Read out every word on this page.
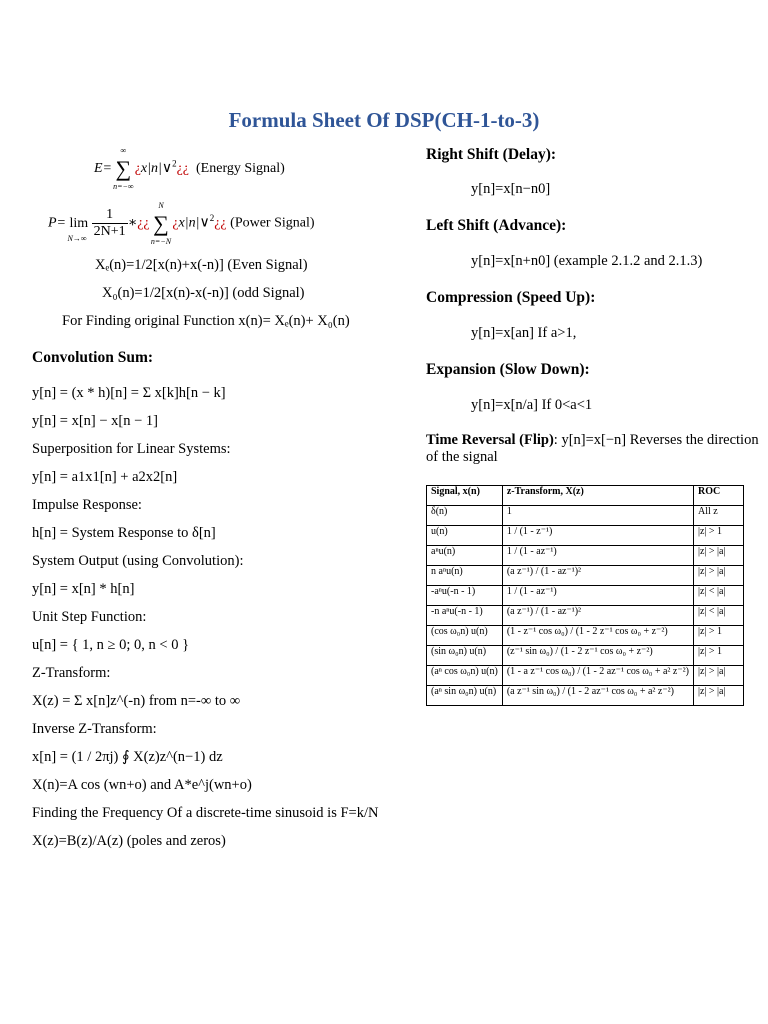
Formula Sheet Of DSP(CH-1-to-3)
E= ∑
∞
n=−∞
¿x|n|∨$^2$¿¿ (Energy Signal)
P= lim
N→∞
$\frac{1}{2N+1}$ ∗¿¿ ∑
N
n=−N
¿x|n|∨$^2$¿¿ (Power Signal)
Xₑ(n)=1/2[x(n)+x(-n)] (Even Signal)
X₀(n)=1/2[x(n)-x(-n)] (odd Signal)
For Finding original Function x(n)= Xₑ(n)+ X₀(n)
Convolution Sum:
y[n] = (x * h)[n] = Σ x[k]h[n − k]
y[n] = x[n] − x[n − 1]
Superposition for Linear Systems:
y[n] = a1x1[n] + a2x2[n]
Impulse Response:
h[n] = System Response to δ[n]
System Output (using Convolution):
y[n] = x[n] * h[n]
Unit Step Function:
u[n] = { 1, n ≥ 0; 0, n < 0 }
Z-Transform:
X(z) = Σ x[n]z^(-n) from n=-∞ to ∞
Inverse Z-Transform:
x[n] = (1 / 2πj) ∮ X(z)z^(n−1) dz
X(n)=A cos (wn+o) and A*e^j(wn+o)
Finding the Frequency Of a discrete-time sinusoid is F=k/N
X(z)=B(z)/A(z) (poles and zeros)
Right Shift (Delay):
y[n]=x[n−n0]
Left Shift (Advance):
y[n]=x[n+n0] (example 2.1.2 and 2.1.3)
Compression (Speed Up):
y[n]=x[an] If a>1,
Expansion (Slow Down):
y[n]=x[n/a] If 0<a<1
Time Reversal (Flip): y[n]=x[−n] Reverses the direction of the signal
Signal, x(n)	z-Transform, X(z)	ROC
δ(n)	1	All z
u(n)	1 / (1 - z⁻¹)	|z| > 1
aⁿu(n)	1 / (1 - az⁻¹)	|z| > |a|
n aⁿu(n)	(a z⁻¹) / (1 - az⁻¹)²	|z| > |a|
-aⁿu(-n - 1)	1 / (1 - az⁻¹)	|z| < |a|
-n aⁿu(-n - 1)	(a z⁻¹) / (1 - az⁻¹)²	|z| < |a|
(cos ω₀n) u(n)	(1 - z⁻¹ cos ω₀) / (1 - 2 z⁻¹ cos ω₀ + z⁻²)	|z| > 1
(sin ω₀n) u(n)	(z⁻¹ sin ω₀) / (1 - 2 z⁻¹ cos ω₀ + z⁻²)	|z| > 1
(aⁿ cos ω₀n) u(n)	(1 - a z⁻¹ cos ω₀) / (1 - 2 az⁻¹ cos ω₀ + a² z⁻²)	|z| > |a|
(aⁿ sin ω₀n) u(n)	(a z⁻¹ sin ω₀) / (1 - 2 az⁻¹ cos ω₀ + a² z⁻²)	|z| > |a|
